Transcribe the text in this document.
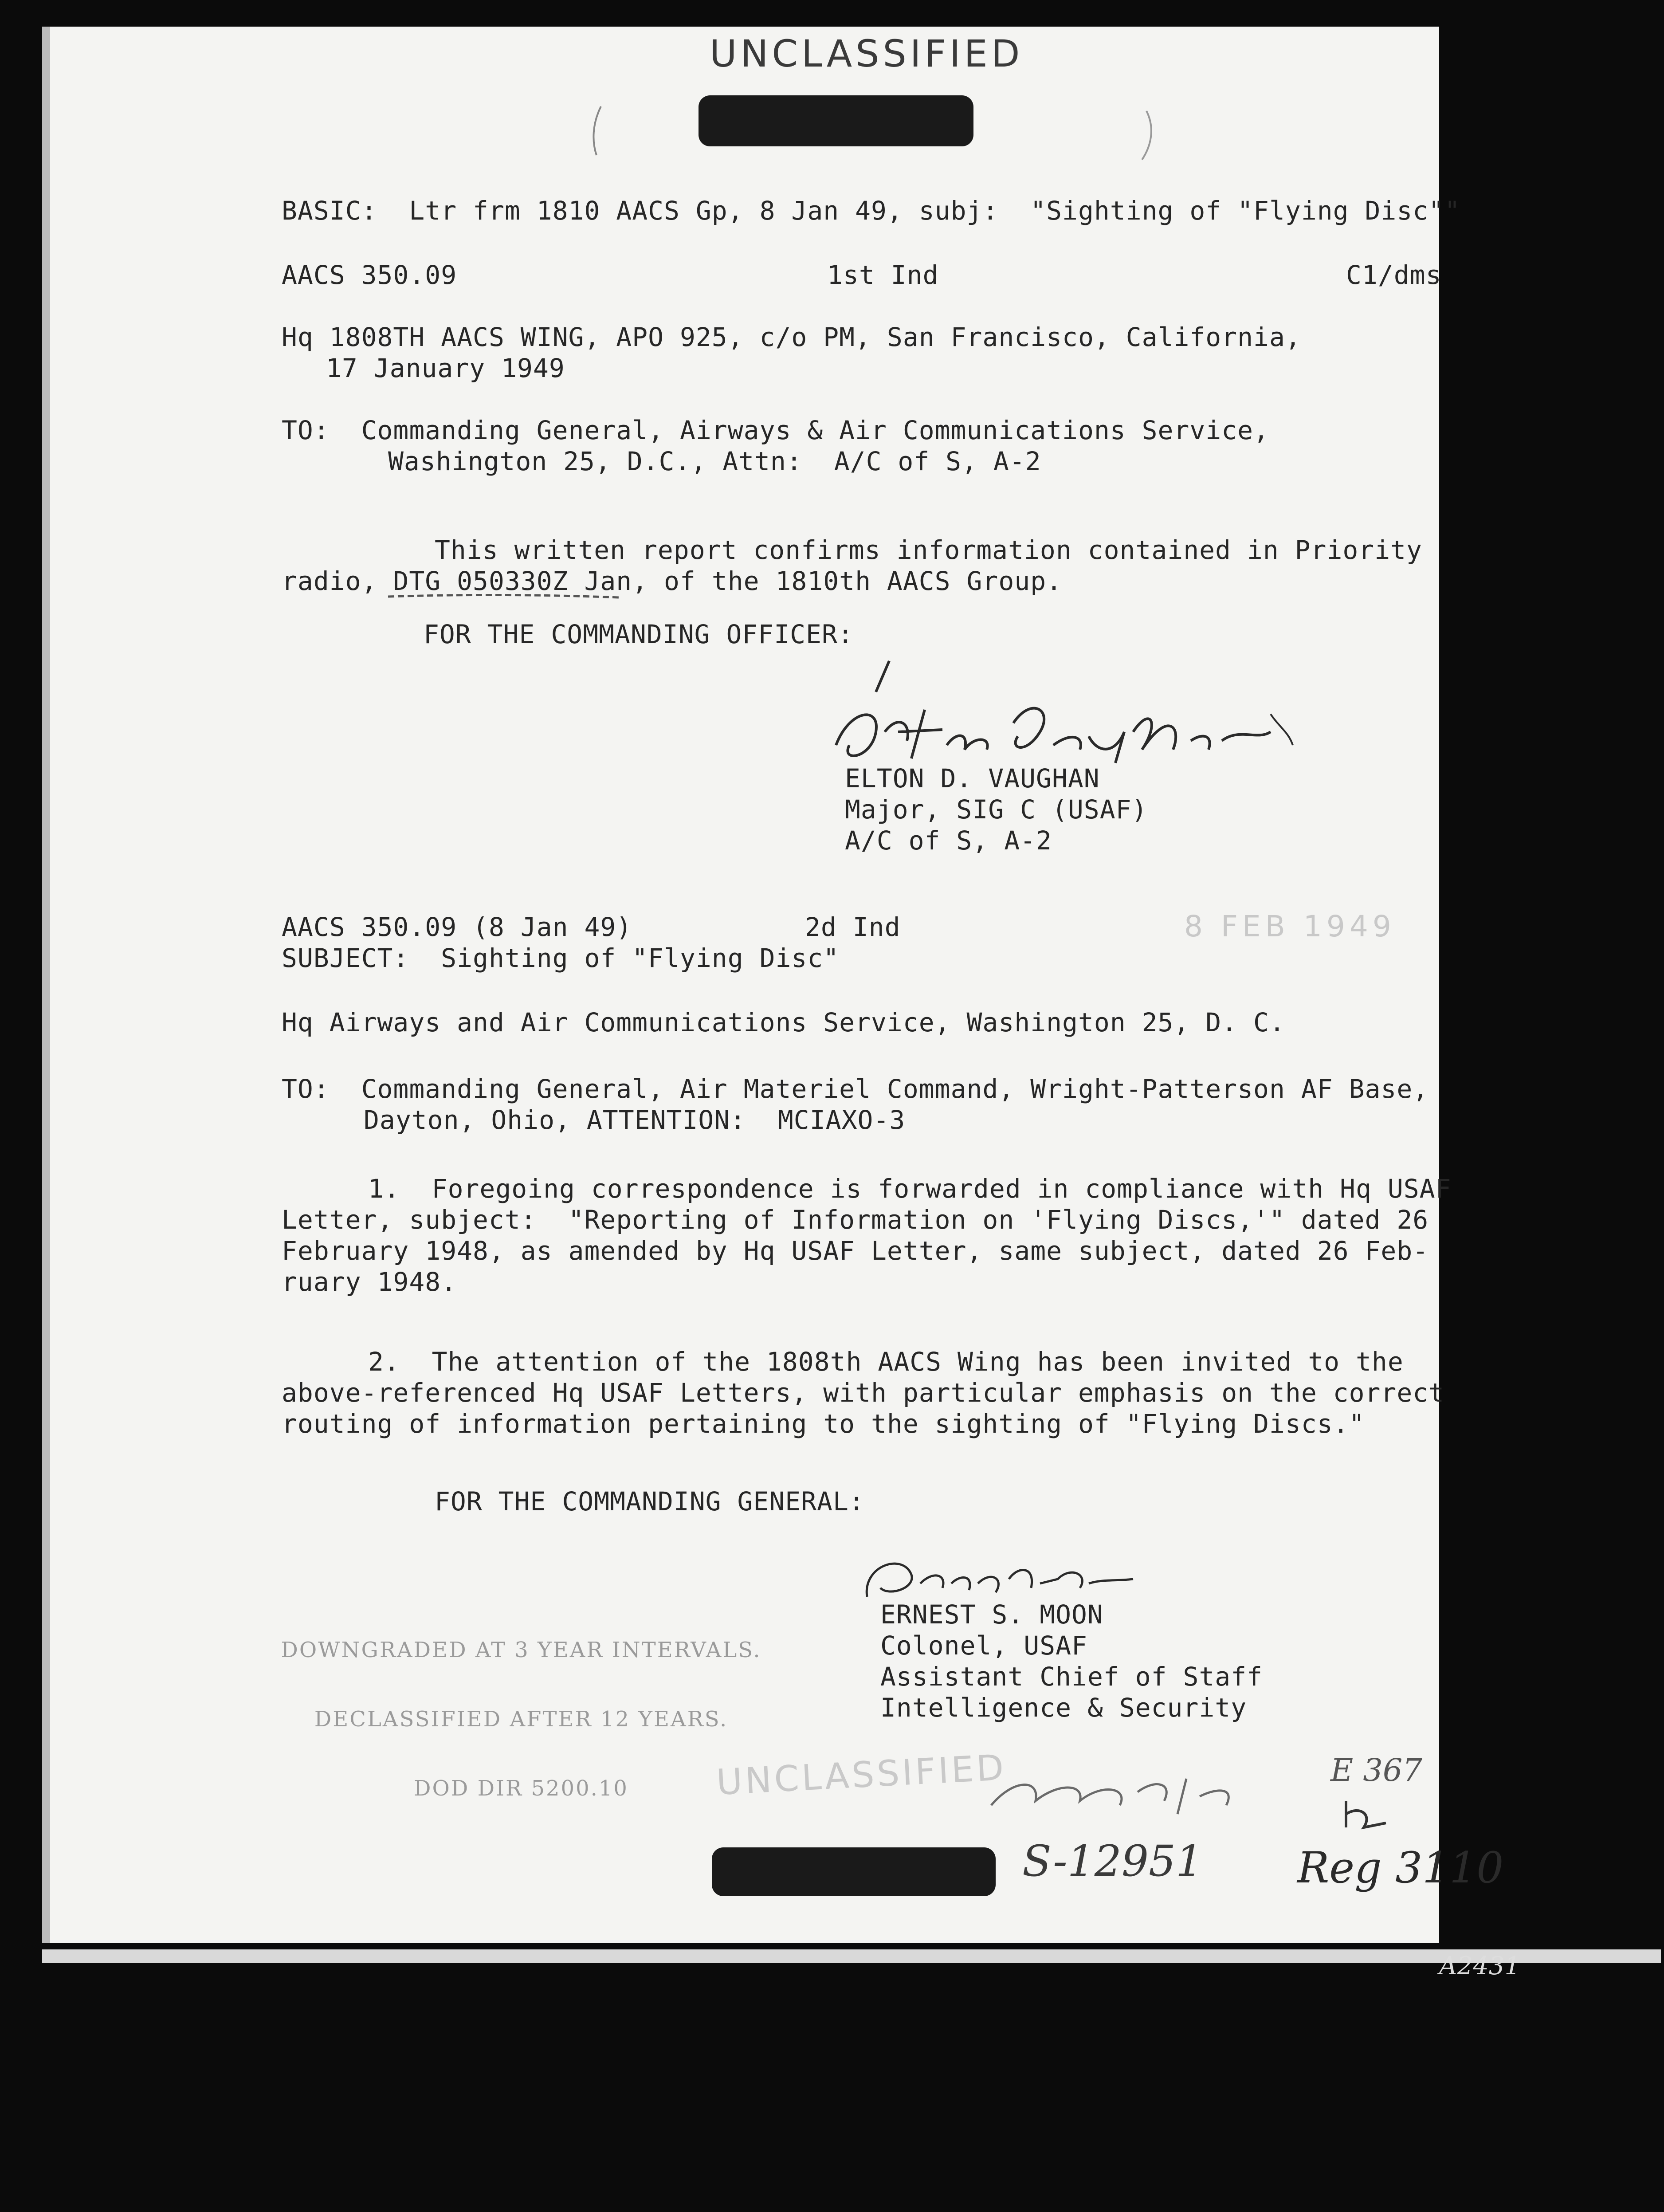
UNCLASSIFIED
BASIC:  Ltr frm 1810 AACS Gp, 8 Jan 49, subj:  "Sighting of "Flying Disc""
AACS 350.09	1st Ind	C1/dms
Hq 1808TH AACS WING, APO 925, c/o PM, San Francisco, California,
17 January 1949
TO:  Commanding General, Airways & Air Communications Service,
Washington 25, D.C., Attn:  A/C of S, A-2
This written report confirms information contained in Priority
radio, DTG 050330Z Jan, of the 1810th AACS Group.
FOR THE COMMANDING OFFICER:
ELTON D. VAUGHAN
Major, SIG C (USAF)
A/C of S, A-2
AACS 350.09 (8 Jan 49)	2d Ind	8 FEB 1949
SUBJECT:  Sighting of "Flying Disc"
Hq Airways and Air Communications Service, Washington 25, D. C.
TO:  Commanding General, Air Materiel Command, Wright-Patterson AF Base,
Dayton, Ohio, ATTENTION:  MCIAXO-3
1.  Foregoing correspondence is forwarded in compliance with Hq USAF
Letter, subject:  "Reporting of Information on 'Flying Discs,'" dated 26
February 1948, as amended by Hq USAF Letter, same subject, dated 26 Feb-
ruary 1948.
2.  The attention of the 1808th AACS Wing has been invited to the
above-referenced Hq USAF Letters, with particular emphasis on the correct
routing of information pertaining to the sighting of "Flying Discs."
FOR THE COMMANDING GENERAL:

DOWNGRADED AT 3 YEAR INTERVALS.

DECLASSIFIED AFTER 12 YEARS.

DOD DIR 5200.10

ERNEST S. MOON
Colonel, USAF
Assistant Chief of Staff
Intelligence & Security
UNCLASSIFIED
S-12951 Reg 3110
E 367
A2431
